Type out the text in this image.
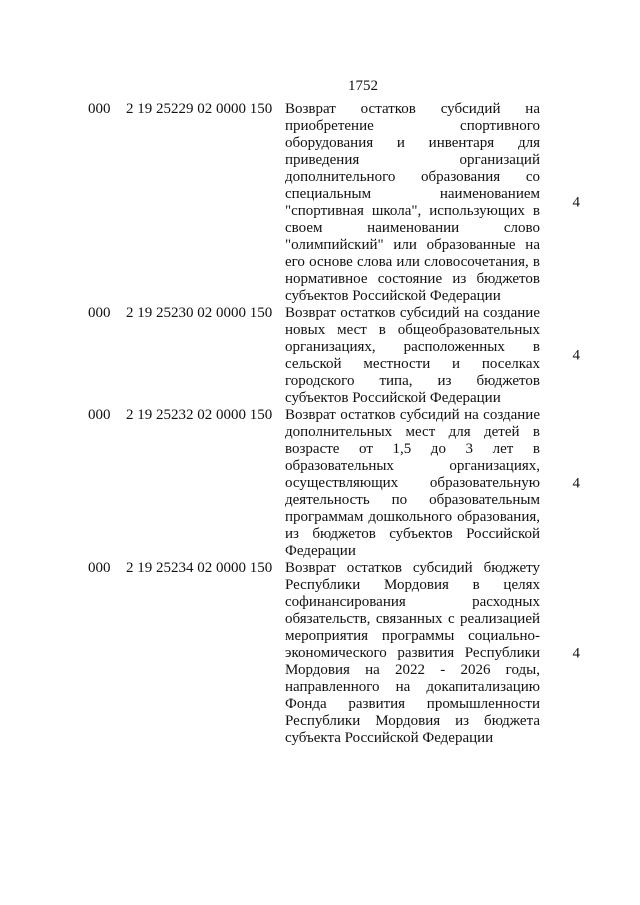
1752
000 2 19 25229 02 0000 150 Возврат остатков субсидий на приобретение спортивного оборудования и инвентаря для приведения организаций дополнительного образования со специальным наименованием "спортивная школа", использующих в своем наименовании слово "олимпийский" или образованные на его основе слова или словосочетания, в нормативное состояние из бюджетов субъектов Российской Федерации
4
000 2 19 25230 02 0000 150 Возврат остатков субсидий на создание новых мест в общеобразовательных организациях, расположенных в сельской местности и поселках городского типа, из бюджетов субъектов Российской Федерации
4
000 2 19 25232 02 0000 150 Возврат остатков субсидий на создание дополнительных мест для детей в возрасте от 1,5 до 3 лет в образовательных организациях, осуществляющих образовательную деятельность по образовательным программам дошкольного образования, из бюджетов субъектов Российской Федерации
4
000 2 19 25234 02 0000 150 Возврат остатков субсидий бюджету Республики Мордовия в целях софинансирования расходных обязательств, связанных с реализацией мероприятия программы социально-экономического развития Республики Мордовия на 2022 - 2026 годы, направленного на докапитализацию Фонда развития промышленности Республики Мордовия из бюджета субъекта Российской Федерации
4
